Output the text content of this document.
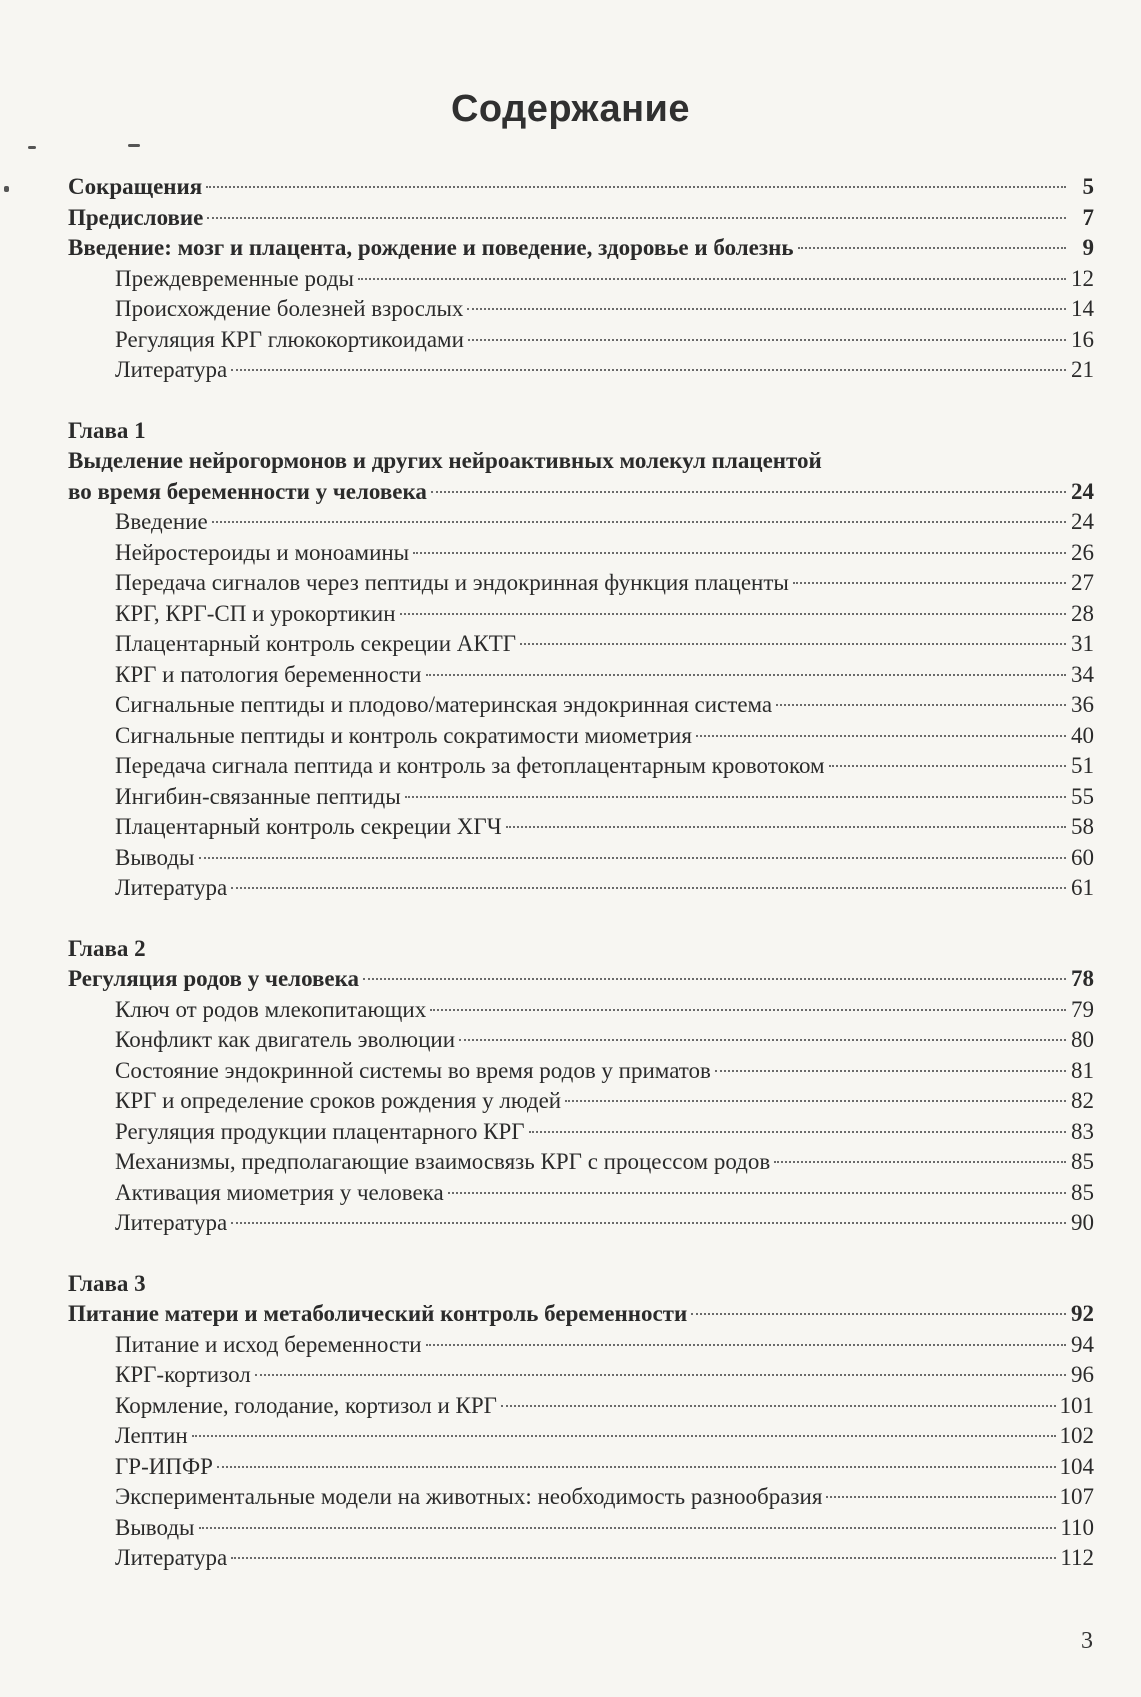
Содержание
Сокращения	5
Предисловие	7
Введение: мозг и плацента, рождение и поведение, здоровье и болезнь	9
Преждевременные роды	12
Происхождение болезней взрослых	14
Регуляция КРГ глюкокортикоидами	16
Литература	21
Глава 1
Выделение нейрогормонов и других нейроактивных молекул плацентой
во время беременности у человека	24
Введение	24
Нейростероиды и моноамины	26
Передача сигналов через пептиды и эндокринная функция плаценты	27
КРГ, КРГ-СП и урокортикин	28
Плацентарный контроль секреции АКТГ	31
КРГ и патология беременности	34
Сигнальные пептиды и плодово/материнская эндокринная система	36
Сигнальные пептиды и контроль сократимости миометрия	40
Передача сигнала пептида и контроль за фетоплацентарным кровотоком	51
Ингибин-связанные пептиды	55
Плацентарный контроль секреции ХГЧ	58
Выводы	60
Литература	61
Глава 2
Регуляция родов у человека	78
Ключ от родов млекопитающих	79
Конфликт как двигатель эволюции	80
Состояние эндокринной системы во время родов у приматов	81
КРГ и определение сроков рождения у людей	82
Регуляция продукции плацентарного КРГ	83
Механизмы, предполагающие взаимосвязь КРГ с процессом родов	85
Активация миометрия у человека	85
Литература	90
Глава 3
Питание матери и метаболический контроль беременности	92
Питание и исход беременности	94
КРГ-кортизол	96
Кормление, голодание, кортизол и КРГ	101
Лептин	102
ГР-ИПФР	104
Экспериментальные модели на животных: необходимость разнообразия	107
Выводы	110
Литература	112
3
